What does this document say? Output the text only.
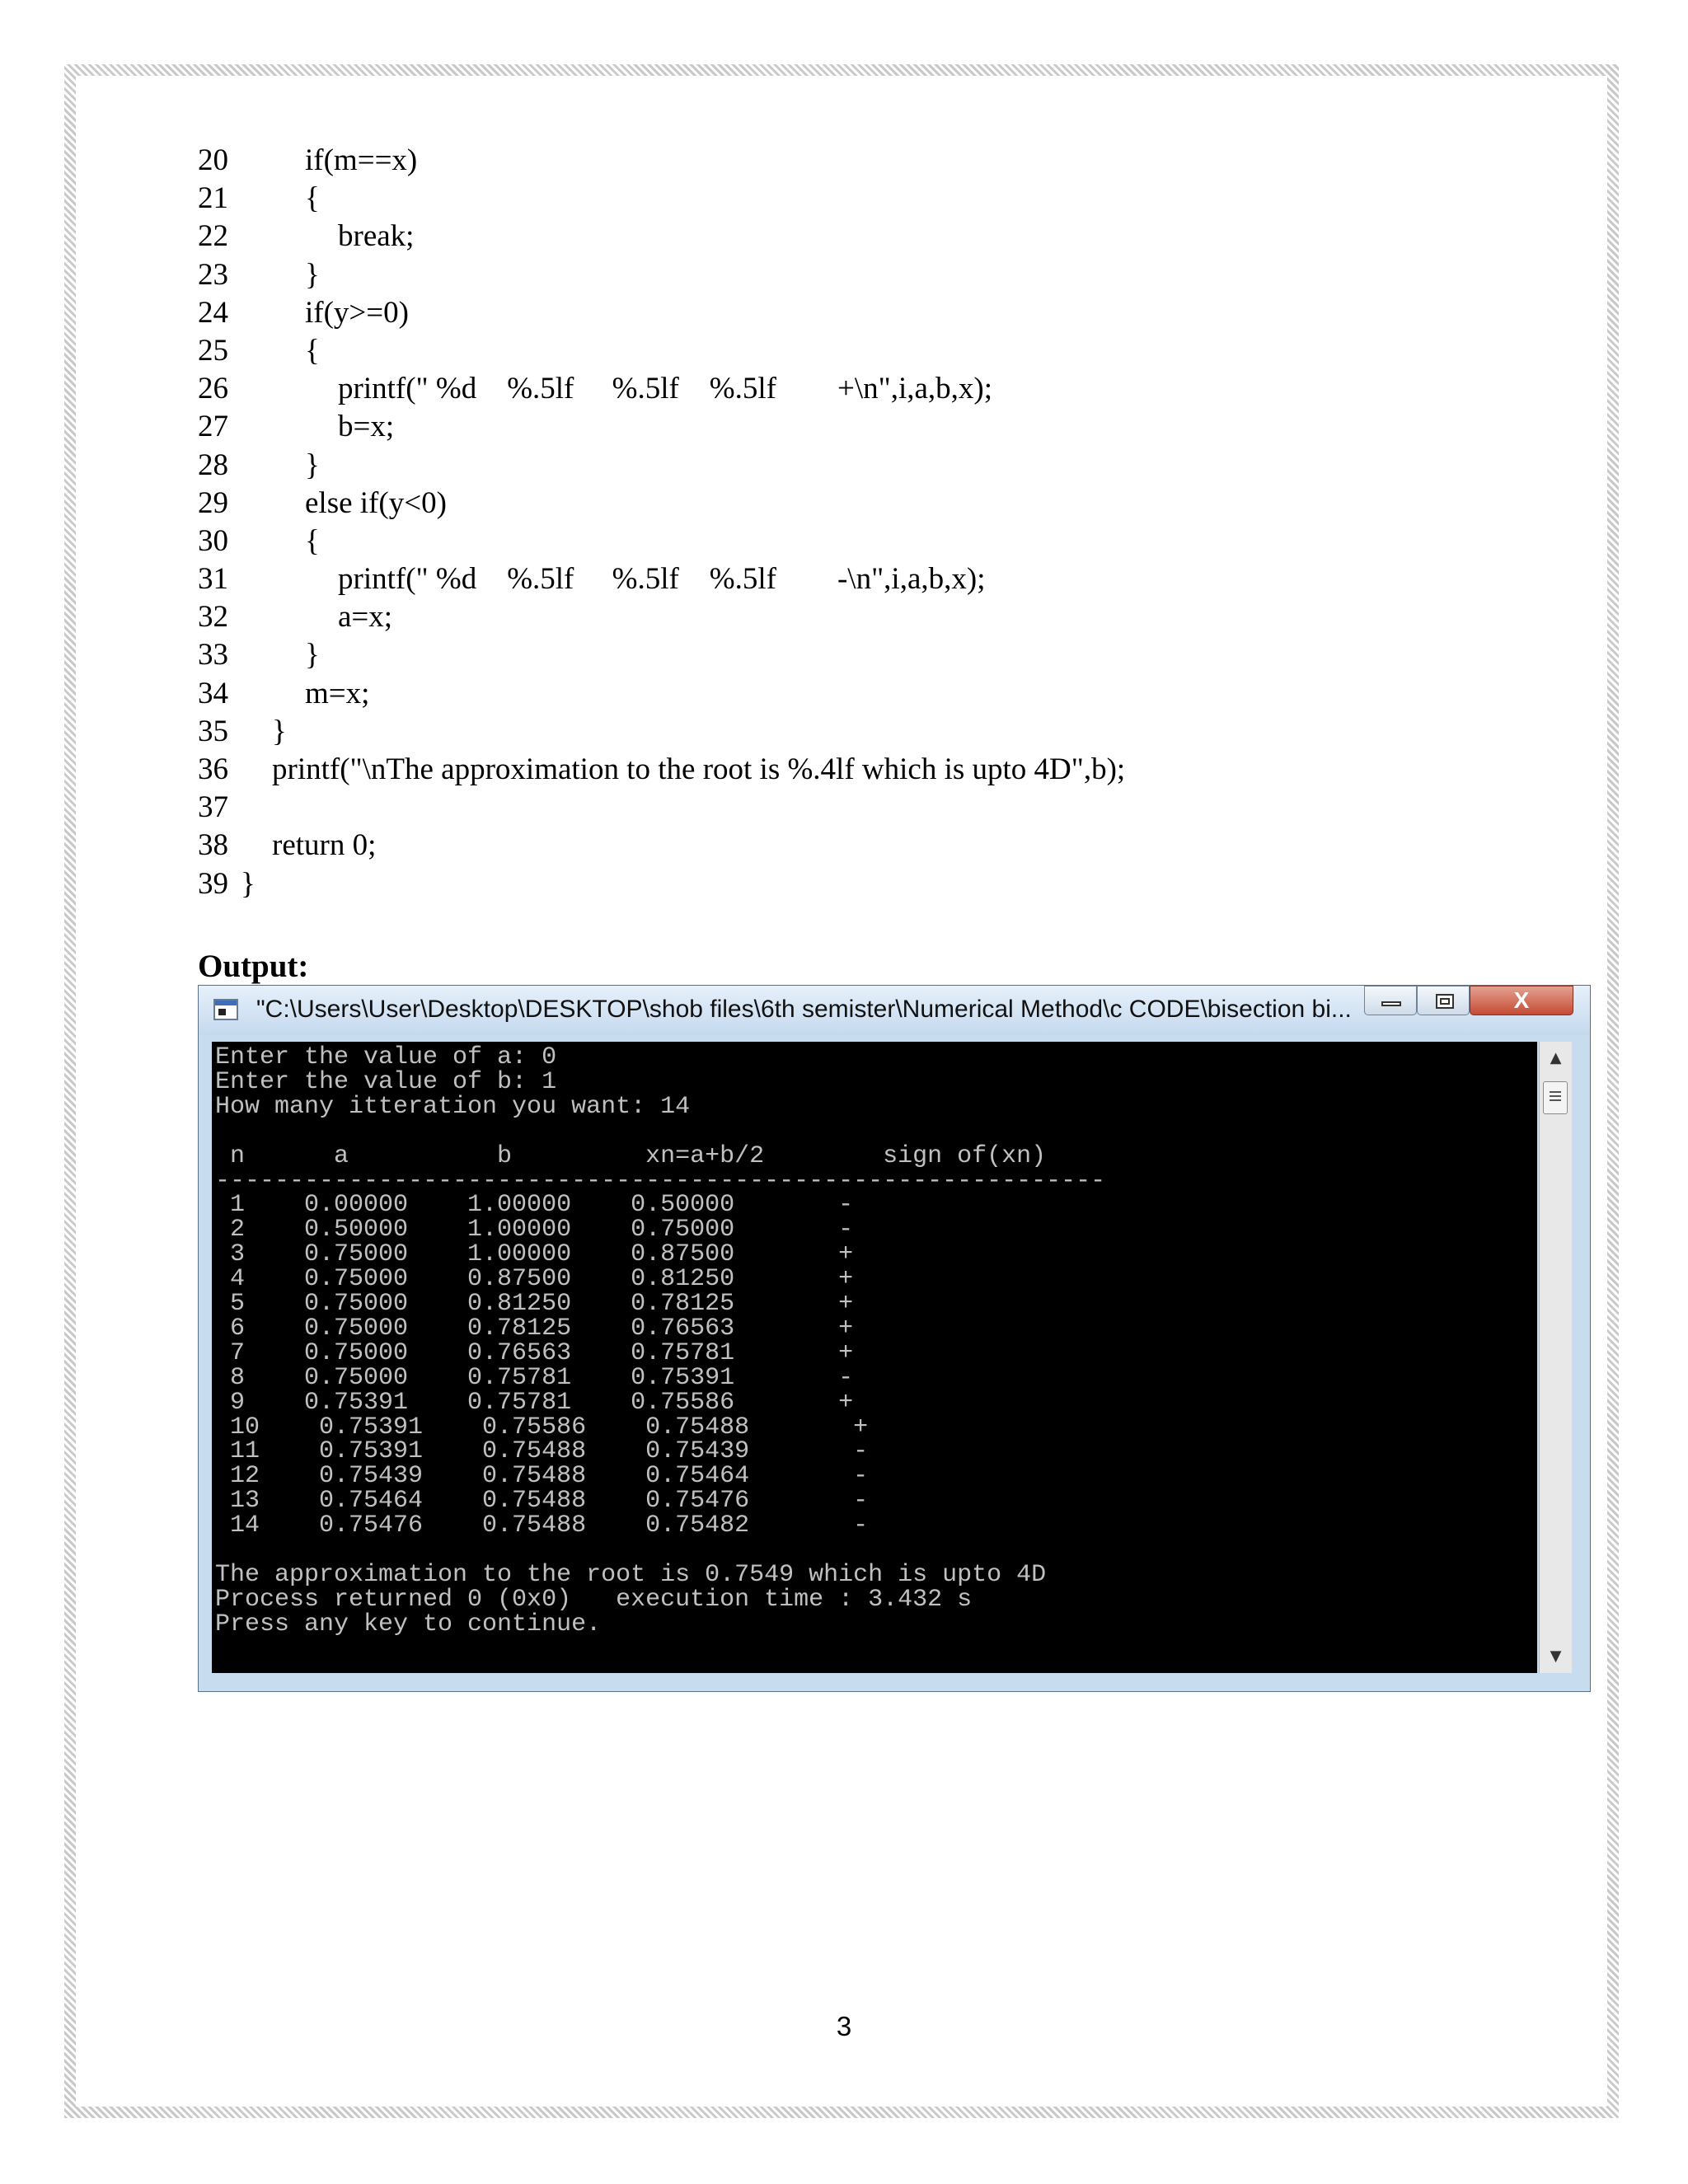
20	if(m==x)
21	{
22	break;
23	}
24	if(y>=0)
25	{
26	printf(" %d    %.5lf     %.5lf    %.5lf        +\n",i,a,b,x);
27	b=x;
28	}
29	else if(y<0)
30	{
31	printf(" %d    %.5lf     %.5lf    %.5lf        -\n",i,a,b,x);
32	a=x;
33	}
34	m=x;
35 }
36 printf("\nThe approximation to the root is %.4lf which is upto 4D",b);
37
38 return 0;
39 }
Output:
"C:\Users\User\Desktop\DESKTOP\shob files\6th semister\Numerical Method\c CODE\bisection bi...	X
Enter the value of a: 0
Enter the value of b: 1
How many itteration you want: 14
n      a          b         xn=a+b/2        sign of(xn)
------------------------------------------------------------
1    0.00000    1.00000    0.50000       -
2    0.50000    1.00000    0.75000       -
3    0.75000    1.00000    0.87500       +
4    0.75000    0.87500    0.81250       +
5    0.75000    0.81250    0.78125       +
6    0.75000    0.78125    0.76563       +
7    0.75000    0.76563    0.75781       +
8    0.75000    0.75781    0.75391       -
9    0.75391    0.75781    0.75586       +
10    0.75391    0.75586    0.75488       +
11    0.75391    0.75488    0.75439       -
12    0.75439    0.75488    0.75464       -
13    0.75464    0.75488    0.75476       -
14    0.75476    0.75488    0.75482       -
The approximation to the root is 0.7549 which is upto 4D
Process returned 0 (0x0)   execution time : 3.432 s
Press any key to continue.
▲
▼
3
